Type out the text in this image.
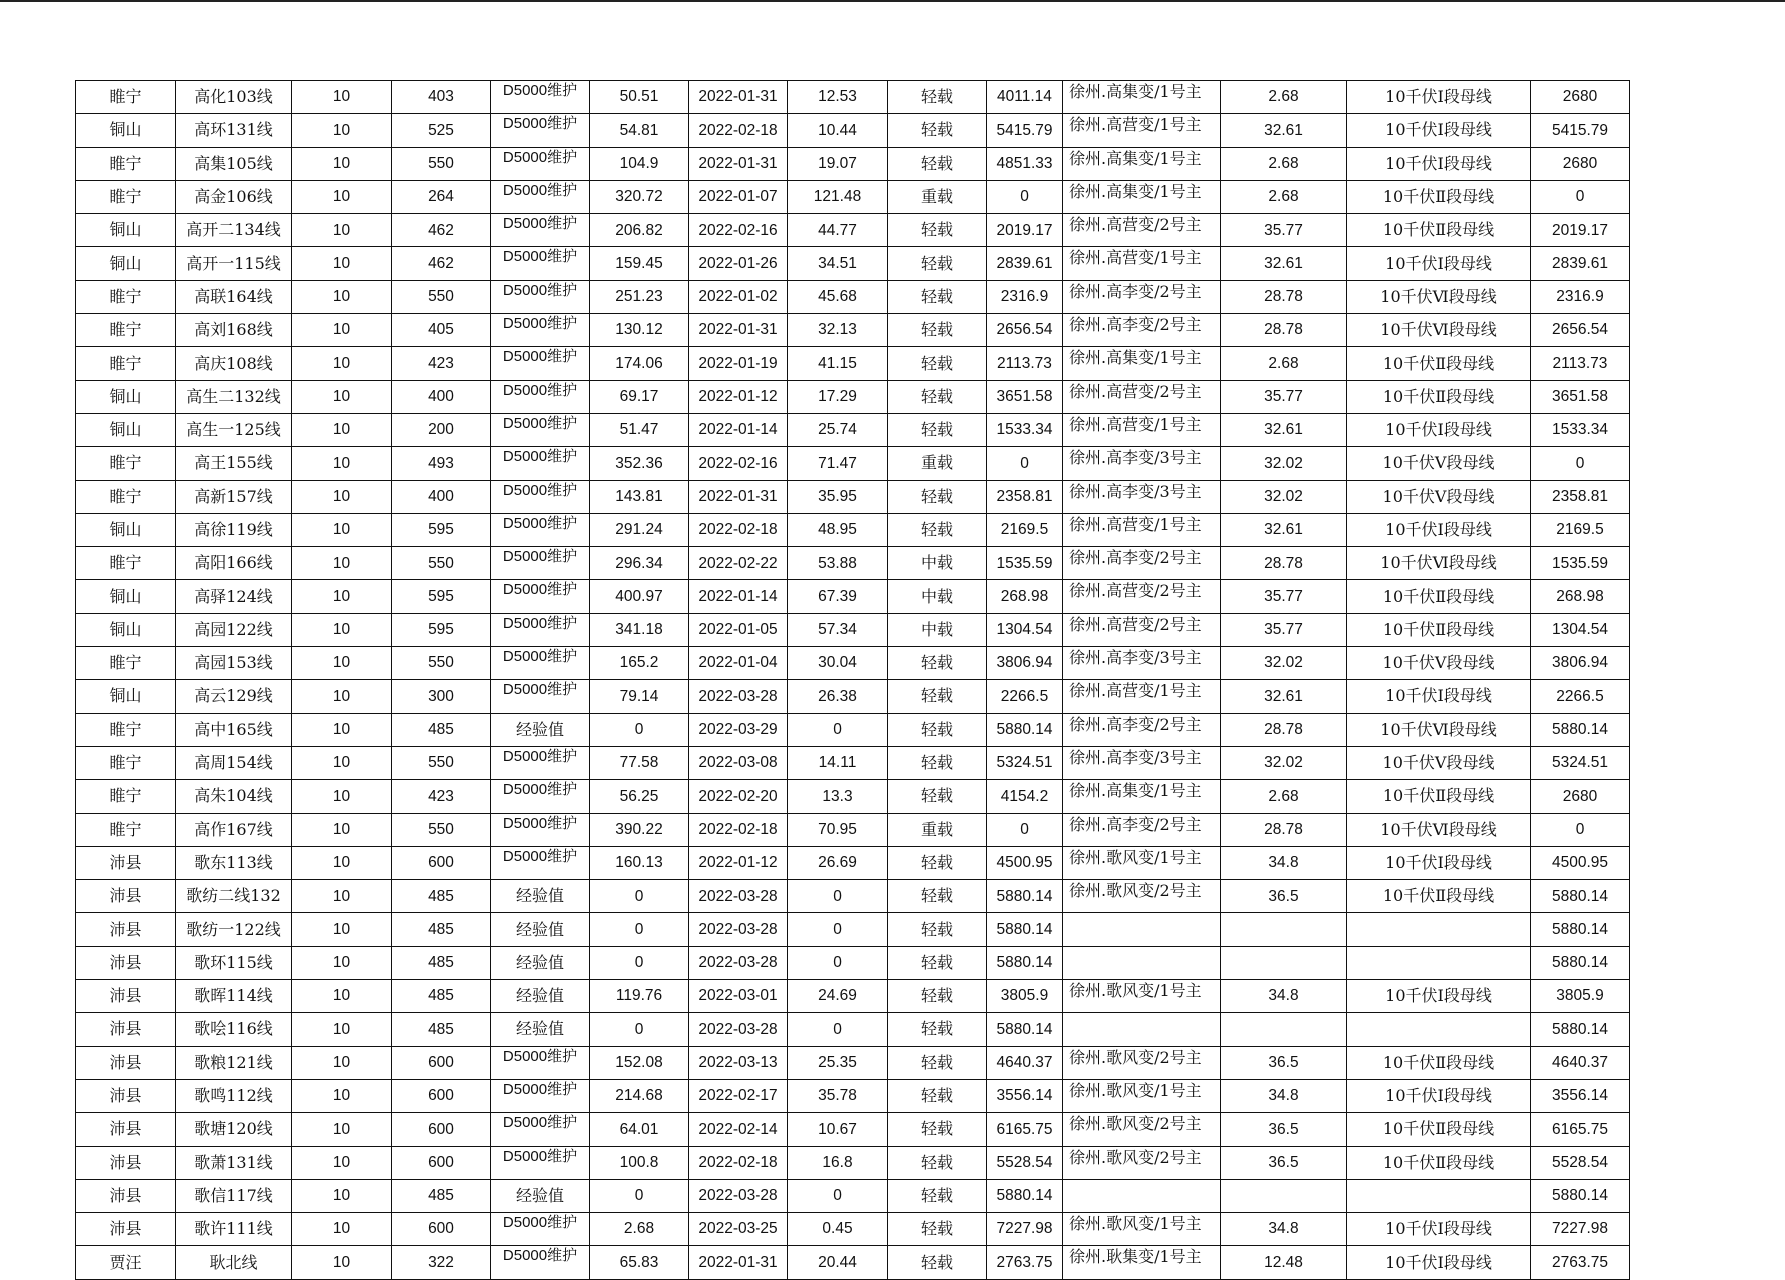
睢宁	高化103线	10	403	D5000维护	50.51	2022-01-31	12.53	轻载	4011.14	徐州.高集变/1号主	2.68	10千伏Ⅰ段母线	2680
铜山	高环131线	10	525	D5000维护	54.81	2022-02-18	10.44	轻载	5415.79	徐州.高营变/1号主	32.61	10千伏Ⅰ段母线	5415.79
睢宁	高集105线	10	550	D5000维护	104.9	2022-01-31	19.07	轻载	4851.33	徐州.高集变/1号主	2.68	10千伏Ⅰ段母线	2680
睢宁	高金106线	10	264	D5000维护	320.72	2022-01-07	121.48	重载	0	徐州.高集变/1号主	2.68	10千伏Ⅱ段母线	0
铜山	高开二134线	10	462	D5000维护	206.82	2022-02-16	44.77	轻载	2019.17	徐州.高营变/2号主	35.77	10千伏Ⅱ段母线	2019.17
铜山	高开一115线	10	462	D5000维护	159.45	2022-01-26	34.51	轻载	2839.61	徐州.高营变/1号主	32.61	10千伏Ⅰ段母线	2839.61
睢宁	高联164线	10	550	D5000维护	251.23	2022-01-02	45.68	轻载	2316.9	徐州.高李变/2号主	28.78	10千伏Ⅵ段母线	2316.9
睢宁	高刘168线	10	405	D5000维护	130.12	2022-01-31	32.13	轻载	2656.54	徐州.高李变/2号主	28.78	10千伏Ⅵ段母线	2656.54
睢宁	高庆108线	10	423	D5000维护	174.06	2022-01-19	41.15	轻载	2113.73	徐州.高集变/1号主	2.68	10千伏Ⅱ段母线	2113.73
铜山	高生二132线	10	400	D5000维护	69.17	2022-01-12	17.29	轻载	3651.58	徐州.高营变/2号主	35.77	10千伏Ⅱ段母线	3651.58
铜山	高生一125线	10	200	D5000维护	51.47	2022-01-14	25.74	轻载	1533.34	徐州.高营变/1号主	32.61	10千伏Ⅰ段母线	1533.34
睢宁	高王155线	10	493	D5000维护	352.36	2022-02-16	71.47	重载	0	徐州.高李变/3号主	32.02	10千伏Ⅴ段母线	0
睢宁	高新157线	10	400	D5000维护	143.81	2022-01-31	35.95	轻载	2358.81	徐州.高李变/3号主	32.02	10千伏Ⅴ段母线	2358.81
铜山	高徐119线	10	595	D5000维护	291.24	2022-02-18	48.95	轻载	2169.5	徐州.高营变/1号主	32.61	10千伏Ⅰ段母线	2169.5
睢宁	高阳166线	10	550	D5000维护	296.34	2022-02-22	53.88	中载	1535.59	徐州.高李变/2号主	28.78	10千伏Ⅵ段母线	1535.59
铜山	高驿124线	10	595	D5000维护	400.97	2022-01-14	67.39	中载	268.98	徐州.高营变/2号主	35.77	10千伏Ⅱ段母线	268.98
铜山	高园122线	10	595	D5000维护	341.18	2022-01-05	57.34	中载	1304.54	徐州.高营变/2号主	35.77	10千伏Ⅱ段母线	1304.54
睢宁	高园153线	10	550	D5000维护	165.2	2022-01-04	30.04	轻载	3806.94	徐州.高李变/3号主	32.02	10千伏Ⅴ段母线	3806.94
铜山	高云129线	10	300	D5000维护	79.14	2022-03-28	26.38	轻载	2266.5	徐州.高营变/1号主	32.61	10千伏Ⅰ段母线	2266.5
睢宁	高中165线	10	485	经验值	0	2022-03-29	0	轻载	5880.14	徐州.高李变/2号主	28.78	10千伏Ⅵ段母线	5880.14
睢宁	高周154线	10	550	D5000维护	77.58	2022-03-08	14.11	轻载	5324.51	徐州.高李变/3号主	32.02	10千伏Ⅴ段母线	5324.51
睢宁	高朱104线	10	423	D5000维护	56.25	2022-02-20	13.3	轻载	4154.2	徐州.高集变/1号主	2.68	10千伏Ⅱ段母线	2680
睢宁	高作167线	10	550	D5000维护	390.22	2022-02-18	70.95	重载	0	徐州.高李变/2号主	28.78	10千伏Ⅵ段母线	0
沛县	歌东113线	10	600	D5000维护	160.13	2022-01-12	26.69	轻载	4500.95	徐州.歌风变/1号主	34.8	10千伏Ⅰ段母线	4500.95
沛县	歌纺二线132	10	485	经验值	0	2022-03-28	0	轻载	5880.14	徐州.歌风变/2号主	36.5	10千伏Ⅱ段母线	5880.14
沛县	歌纺一122线	10	485	经验值	0	2022-03-28	0	轻载	5880.14				5880.14
沛县	歌环115线	10	485	经验值	0	2022-03-28	0	轻载	5880.14				5880.14
沛县	歌晖114线	10	485	经验值	119.76	2022-03-01	24.69	轻载	3805.9	徐州.歌风变/1号主	34.8	10千伏Ⅰ段母线	3805.9
沛县	歌哙116线	10	485	经验值	0	2022-03-28	0	轻载	5880.14				5880.14
沛县	歌粮121线	10	600	D5000维护	152.08	2022-03-13	25.35	轻载	4640.37	徐州.歌风变/2号主	36.5	10千伏Ⅱ段母线	4640.37
沛县	歌鸣112线	10	600	D5000维护	214.68	2022-02-17	35.78	轻载	3556.14	徐州.歌风变/1号主	34.8	10千伏Ⅰ段母线	3556.14
沛县	歌塘120线	10	600	D5000维护	64.01	2022-02-14	10.67	轻载	6165.75	徐州.歌风变/2号主	36.5	10千伏Ⅱ段母线	6165.75
沛县	歌萧131线	10	600	D5000维护	100.8	2022-02-18	16.8	轻载	5528.54	徐州.歌风变/2号主	36.5	10千伏Ⅱ段母线	5528.54
沛县	歌信117线	10	485	经验值	0	2022-03-28	0	轻载	5880.14				5880.14
沛县	歌许111线	10	600	D5000维护	2.68	2022-03-25	0.45	轻载	7227.98	徐州.歌风变/1号主	34.8	10千伏Ⅰ段母线	7227.98
贾汪	耿北线	10	322	D5000维护	65.83	2022-01-31	20.44	轻载	2763.75	徐州.耿集变/1号主	12.48	10千伏Ⅰ段母线	2763.75
